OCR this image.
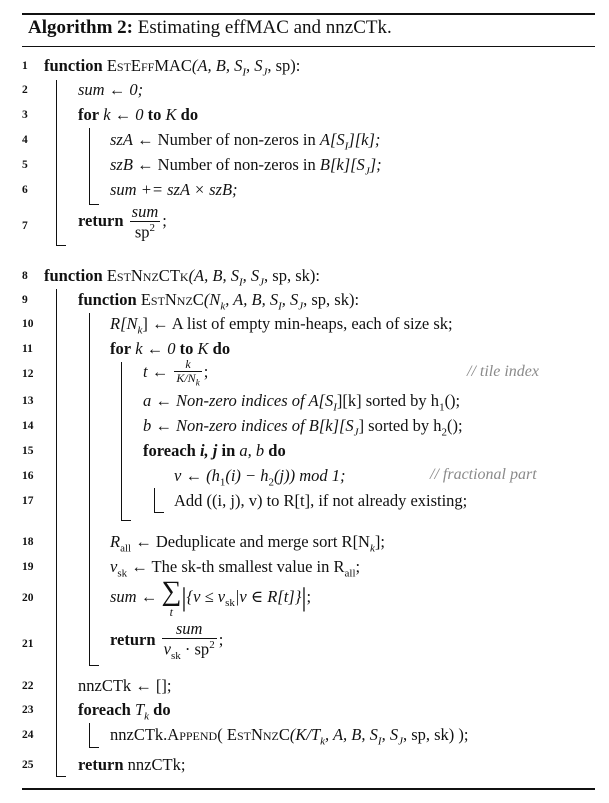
Algorithm 2: Estimating effMAC and nnzCTk.
1
2
3
4
5
6
7
8
9
10
11
12
13
14
15
16
17
18
19
20
21
22
23
24
25
function EstEffMAC(A, B, $S_I$, $S_J$, sp):
sum ← 0;
for k ← 0 to K do
szA ← Number of non-zeros in $A[S_I][k]$;
szB ← Number of non-zeros in $B[k][S_J]$;
sum += szA × szB;
return $\frac{\text{sum}}{sp^2}$ ;
function EstNnzCTk(A, B, $S_I$, $S_J$, sp, sk):
function $EstNnzC(N_k$, A, B, $S_I$, $S_J$, sp, sk):
$R[N_k]$ ← A list of empty min-heaps, each of size sk;
for k ← 0 to K do
t ← $\frac{k}{K/N_k}$ ;	// tile index
a ← Non-zero indices of $A[S_I][k]$ sorted by $h_1()$;
b ← Non-zero indices of $B[k][S_J]$ sorted by $h_2()$;
foreach i, j in a, b do
v ← $(h_1(i) - h_2(j))$ mod 1;	// fractional part
Add ((i, j), v) to R[t], if not already existing;
$R_{all}$ ← Deduplicate and merge sort $R[N_k]$;
$v_{sk}$ ← The sk-th smallest value in $R_{all}$;
sum ← ∑
t $|\{v \le v_{sk}|v$ ∈ R[t]}|;
return $\frac{\text{sum}}{v_{sk} \cdot sp^2}$ ;
nnzCTk ← [];
foreach $T_k$ do
nnzCTk.Append( $EstNnzC(K/T_k$, A, B, $S_I$, $S_J$, sp, sk) );
return nnzCTk;
